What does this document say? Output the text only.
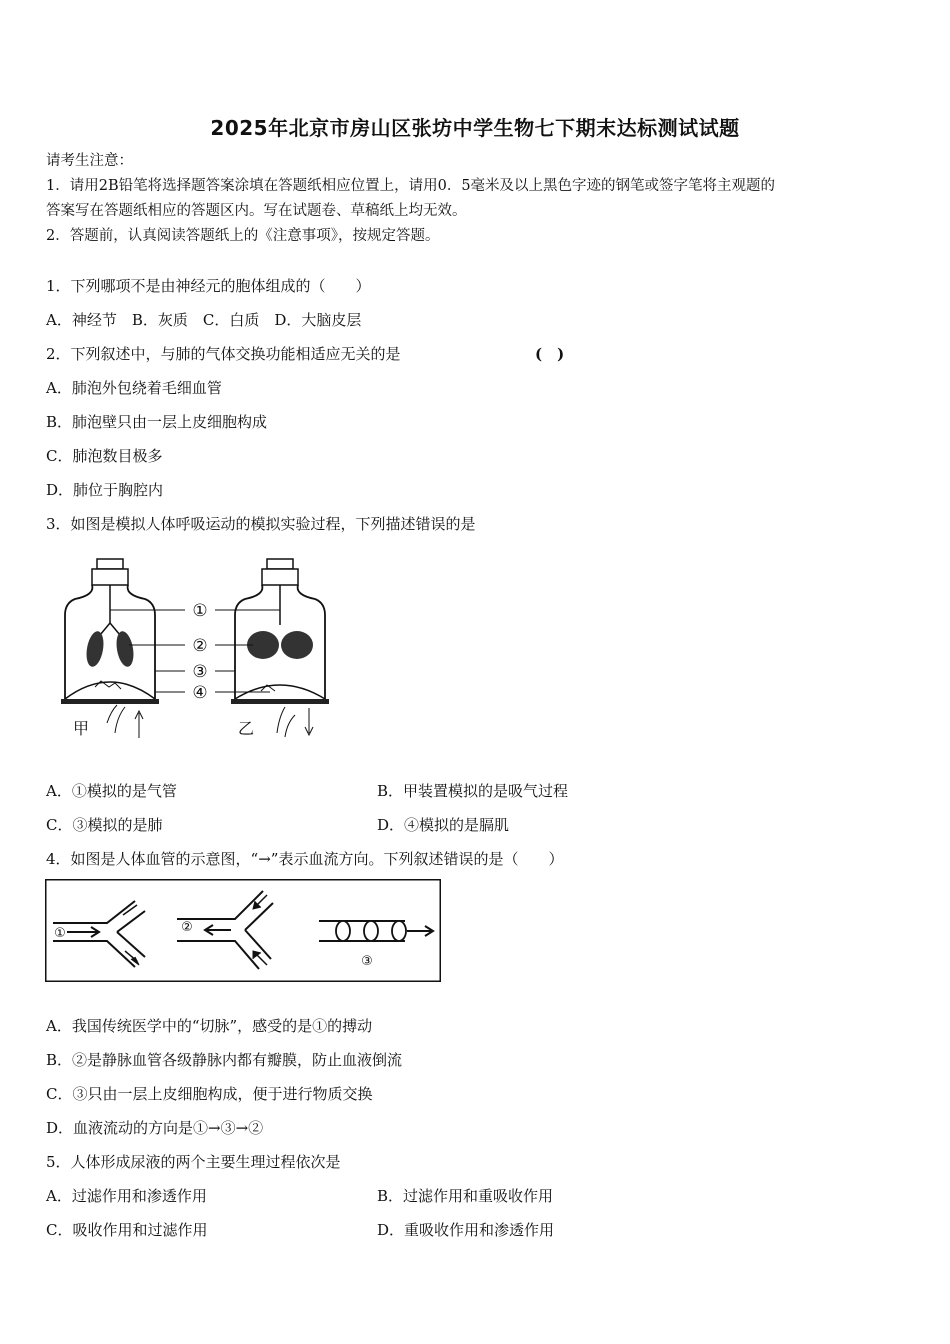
2025年北京市房山区张坊中学生物七下期末达标测试试题
请考生注意：
1．请用2B铅笔将选择题答案涂填在答题纸相应位置上，请用0．5毫米及以上黑色字迹的钢笔或签字笔将主观题的
答案写在答题纸相应的答题区内。写在试题卷、草稿纸上均无效。
2．答题前，认真阅读答题纸上的《注意事项》，按规定答题。
1．下列哪项不是由神经元的胞体组成的（　　）
A．神经节　B．灰质　C．白质　D．大脑皮层
2．下列叙述中，与肺的气体交换功能相适应无关的是	(　)
A．肺泡外包绕着毛细血管
B．肺泡壁只由一层上皮细胞构成
C．肺泡数目极多
D．肺位于胸腔内
3．如图是模拟人体呼吸运动的模拟实验过程，下列描述错误的是
甲	乙
①
②
③
④
A．①模拟的是气管	B．甲装置模拟的是吸气过程
C．③模拟的是肺	D．④模拟的是膈肌
4．如图是人体血管的示意图，“→”表示血流方向。下列叙述错误的是（　　）
①	②
③
A．我国传统医学中的“切脉”，感受的是①的搏动
B．②是静脉血管各级静脉内都有瓣膜，防止血液倒流
C．③只由一层上皮细胞构成，便于进行物质交换
D．血液流动的方向是①→③→②
5．人体形成尿液的两个主要生理过程依次是
A．过滤作用和渗透作用	B．过滤作用和重吸收作用
C．吸收作用和过滤作用	D．重吸收作用和渗透作用
